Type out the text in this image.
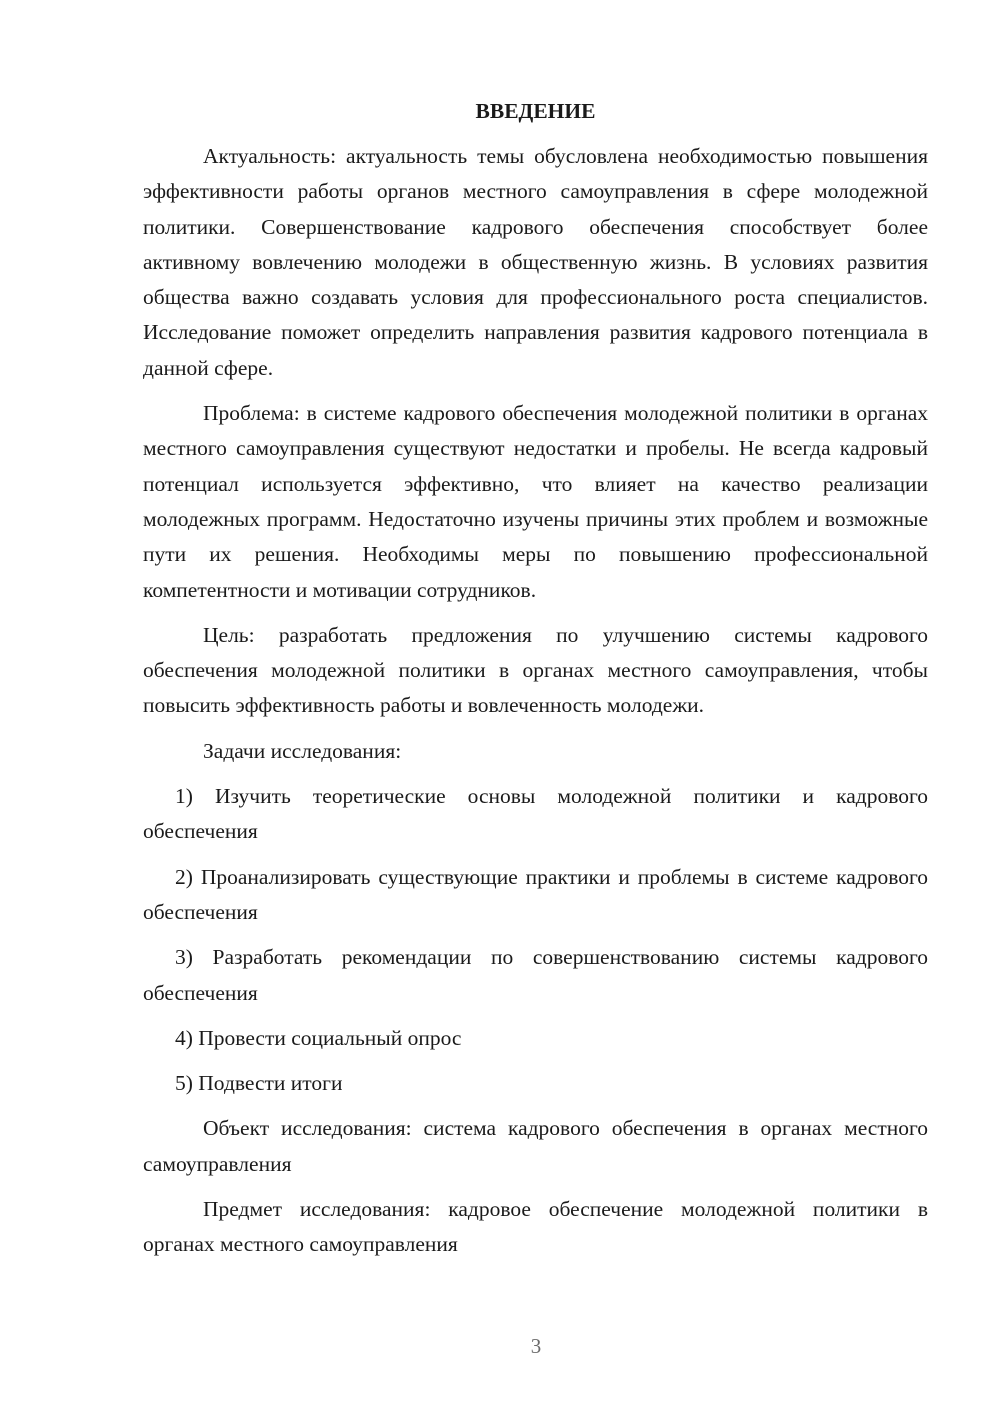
ВВЕДЕНИЕ

Актуальность: актуальность темы обусловлена необходимостью повышения эффективности работы органов местного самоуправления в сфере молодежной политики. Совершенствование кадрового обеспечения способствует более активному вовлечению молодежи в общественную жизнь. В условиях развития общества важно создавать условия для профессионального роста специалистов. Исследование поможет определить направления развития кадрового потенциала в данной сфере.

Проблема: в системе кадрового обеспечения молодежной политики в органах местного самоуправления существуют недостатки и пробелы. Не всегда кадровый потенциал используется эффективно, что влияет на качество реализации молодежных программ. Недостаточно изучены причины этих проблем и возможные пути их решения. Необходимы меры по повышению профессиональной компетентности и мотивации сотрудников.

Цель: разработать предложения по улучшению системы кадрового обеспечения молодежной политики в органах местного самоуправления, чтобы повысить эффективность работы и вовлеченность молодежи.

Задачи исследования:

1) Изучить теоретические основы молодежной политики и кадрового обеспечения

2) Проанализировать существующие практики и проблемы в системе кадрового обеспечения

3) Разработать рекомендации по совершенствованию системы кадрового обеспечения

4) Провести социальный опрос

5) Подвести итоги

Объект исследования: система кадрового обеспечения в органах местного самоуправления

Предмет исследования: кадровое обеспечение молодежной политики в органах местного самоуправления

3
